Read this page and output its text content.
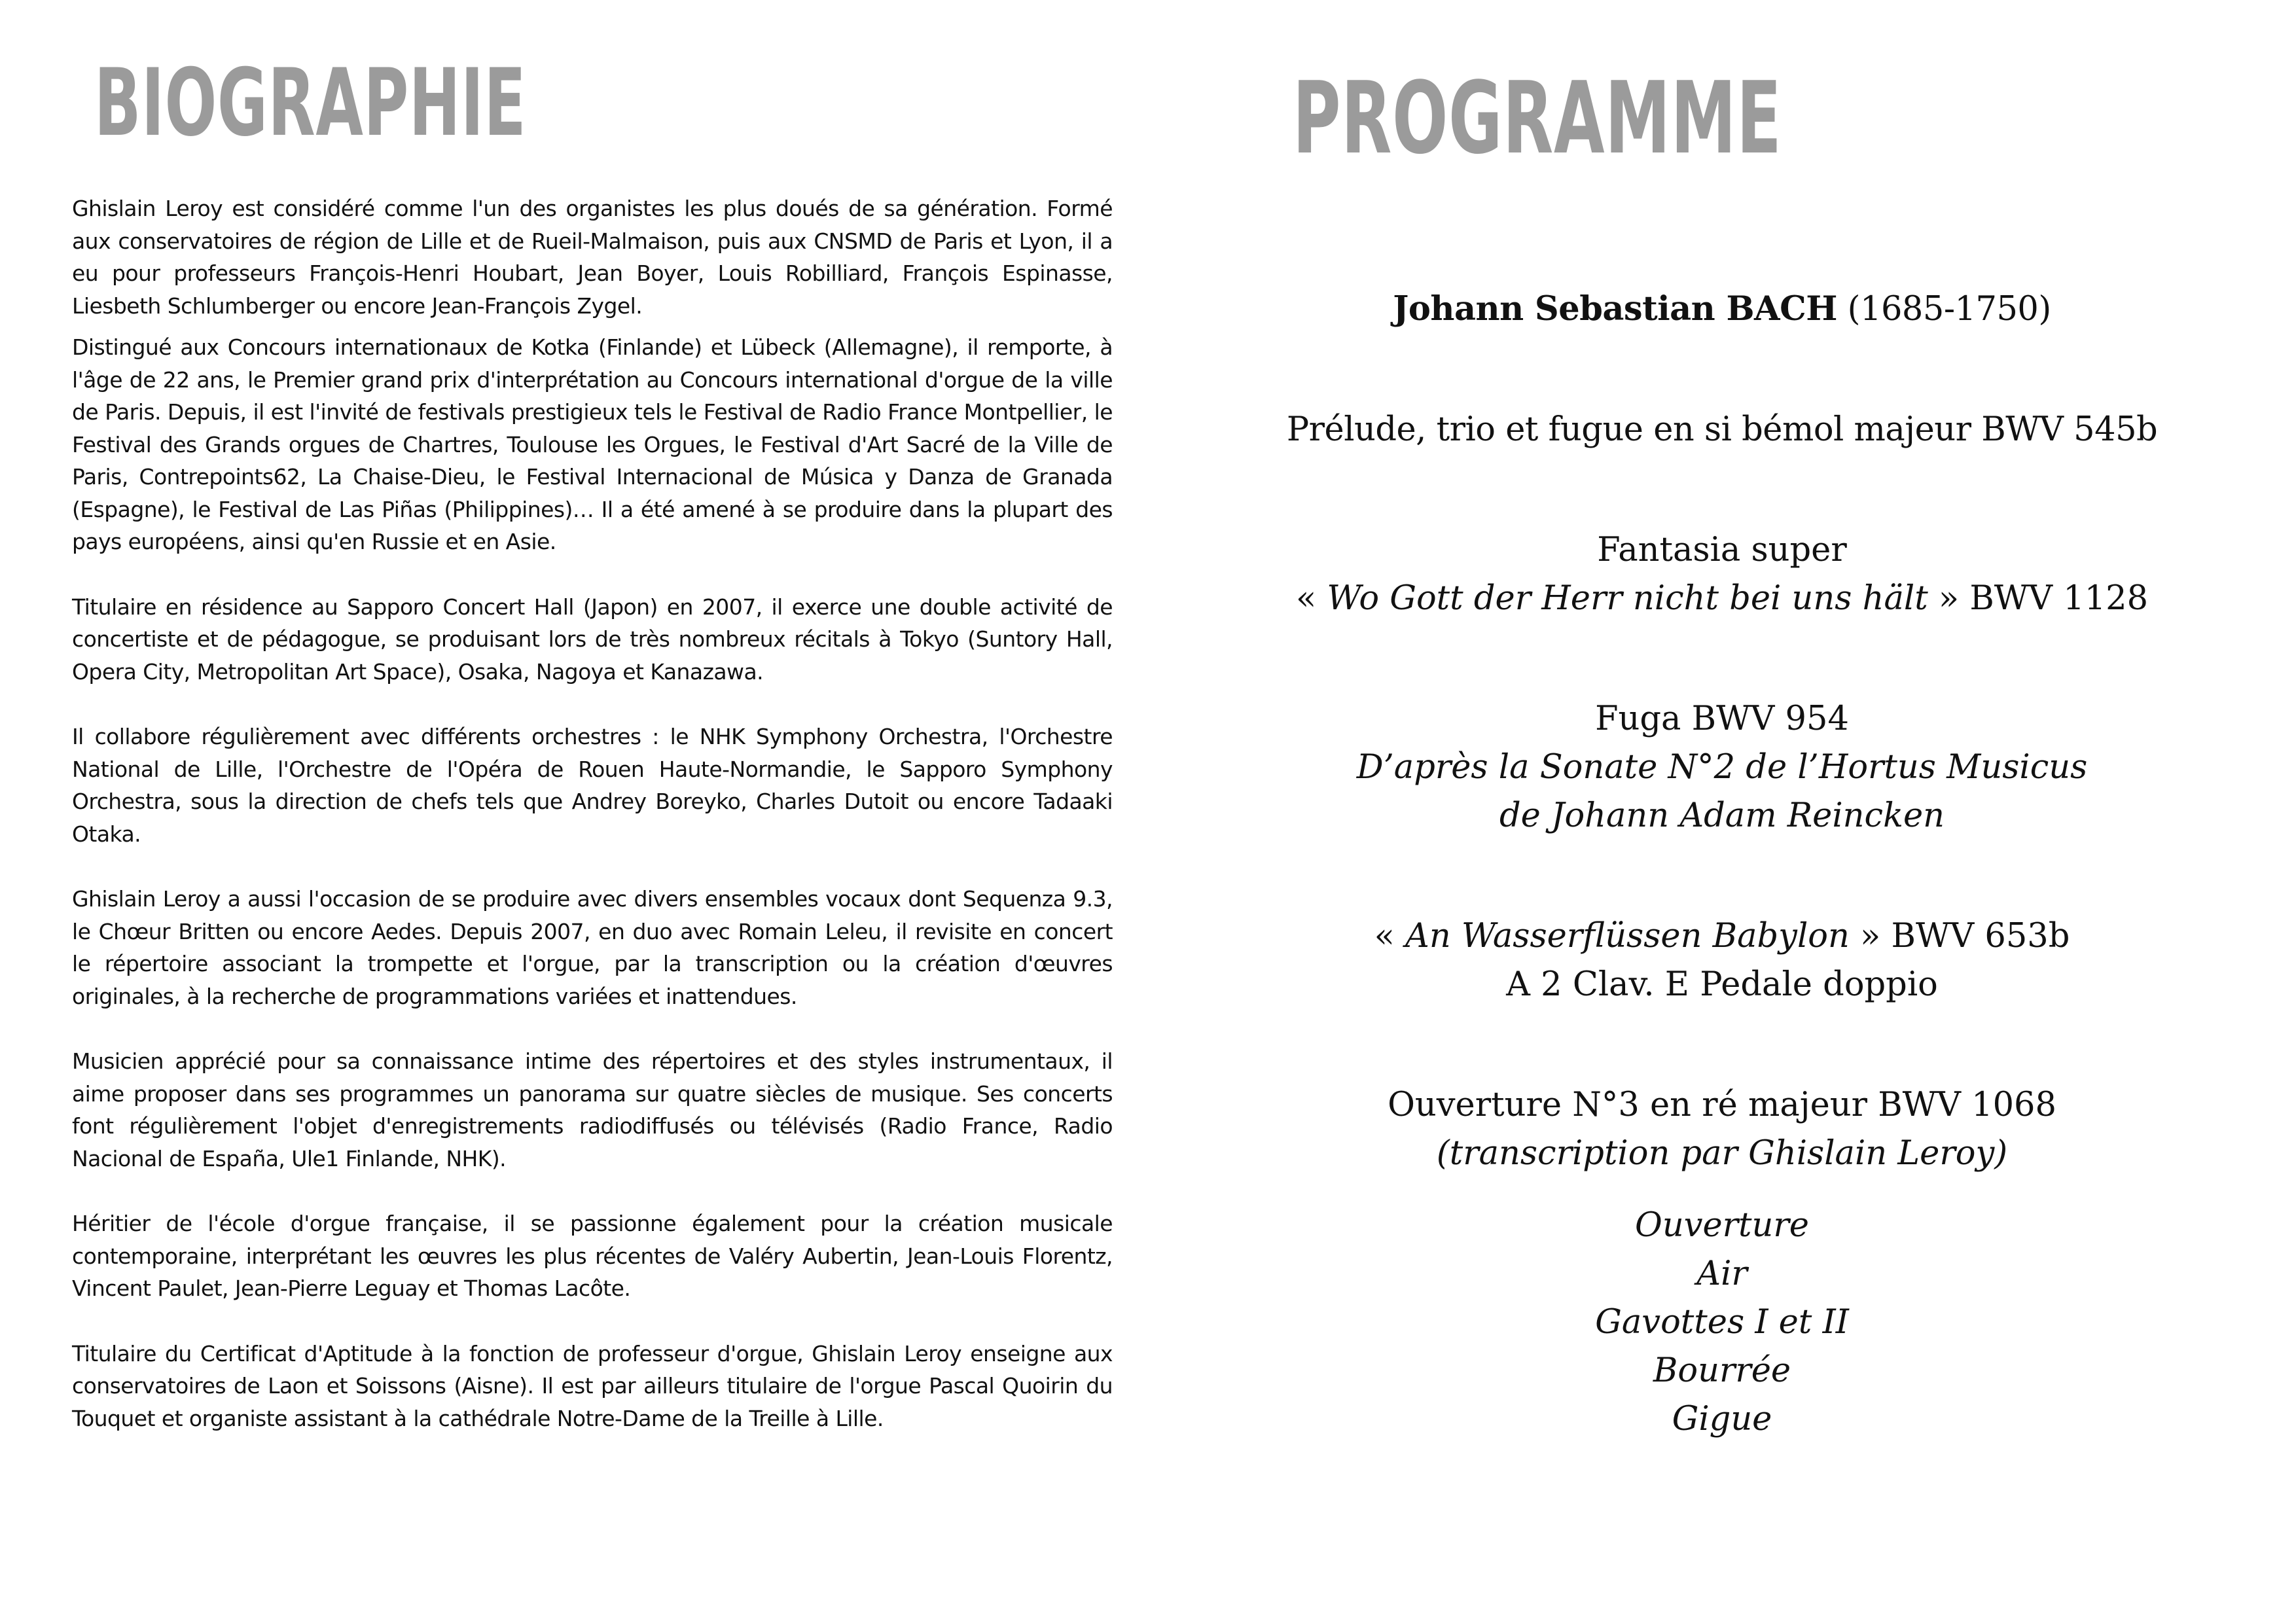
BIOGRAPHIE

Ghislain Leroy est considéré comme l'un des organistes les plus doués de sa génération. Formé aux conservatoires de région de Lille et de Rueil-Malmaison, puis aux CNSMD de Paris et Lyon, il a eu pour professeurs François-Henri Houbart, Jean Boyer, Louis Robilliard, François Espinasse, Liesbeth Schlumberger ou encore Jean-François Zygel.

Distingué aux Concours internationaux de Kotka (Finlande) et Lübeck (Allemagne), il remporte, à l'âge de 22 ans, le Premier grand prix d'interprétation au Concours international d'orgue de la ville de Paris. Depuis, il est l'invité de festivals prestigieux tels le Festival de Radio France Montpellier, le Festival des Grands orgues de Chartres, Toulouse les Orgues, le Festival d'Art Sacré de la Ville de Paris, Contrepoints62, La Chaise-Dieu, le Festival Internacional de Música y Danza de Granada (Espagne), le Festival de Las Piñas (Philippines)… Il a été amené à se produire dans la plupart des pays européens, ainsi qu'en Russie et en Asie.

Titulaire en résidence au Sapporo Concert Hall (Japon) en 2007, il exerce une double activité de concertiste et de pédagogue, se produisant lors de très nombreux récitals à Tokyo (Suntory Hall, Opera City, Metropolitan Art Space), Osaka, Nagoya et Kanazawa.

Il collabore régulièrement avec différents orchestres : le NHK Symphony Orchestra, l'Orchestre National de Lille, l'Orchestre de l'Opéra de Rouen Haute-Normandie, le Sapporo Symphony Orchestra, sous la direction de chefs tels que Andrey Boreyko, Charles Dutoit ou encore Tadaaki Otaka.

Ghislain Leroy a aussi l'occasion de se produire avec divers ensembles vocaux dont Sequenza 9.3, le Chœur Britten ou encore Aedes. Depuis 2007, en duo avec Romain Leleu, il revisite en concert le répertoire associant la trompette et l'orgue, par la transcription ou la création d'œuvres originales, à la recherche de programmations variées et inattendues.

Musicien apprécié pour sa connaissance intime des répertoires et des styles instrumentaux, il aime proposer dans ses programmes un panorama sur quatre siècles de musique. Ses concerts font régulièrement l'objet d'enregistrements radiodiffusés ou télévisés (Radio France, Radio Nacional de España, Ule1 Finlande, NHK).

Héritier de l'école d'orgue française, il se passionne également pour la création musicale contemporaine, interprétant les œuvres les plus récentes de Valéry Aubertin, Jean-Louis Florentz, Vincent Paulet, Jean-Pierre Leguay et Thomas Lacôte.

Titulaire du Certificat d'Aptitude à la fonction de professeur d'orgue, Ghislain Leroy enseigne aux conservatoires de Laon et Soissons (Aisne). Il est par ailleurs titulaire de l'orgue Pascal Quoirin du Touquet et organiste assistant à la cathédrale Notre-Dame de la Treille à Lille.

PROGRAMME

Johann Sebastian BACH (1685-1750)

Prélude, trio et fugue en si bémol majeur BWV 545b

Fantasia super
« Wo Gott der Herr nicht bei uns hält » BWV 1128

Fuga BWV 954
D’après la Sonate N°2 de l’Hortus Musicus
de Johann Adam Reincken

« An Wasserflüssen Babylon » BWV 653b
A 2 Clav. E Pedale doppio

Ouverture N°3 en ré majeur BWV 1068
(transcription par Ghislain Leroy)

Ouverture
Air
Gavottes I et II
Bourrée
Gigue
